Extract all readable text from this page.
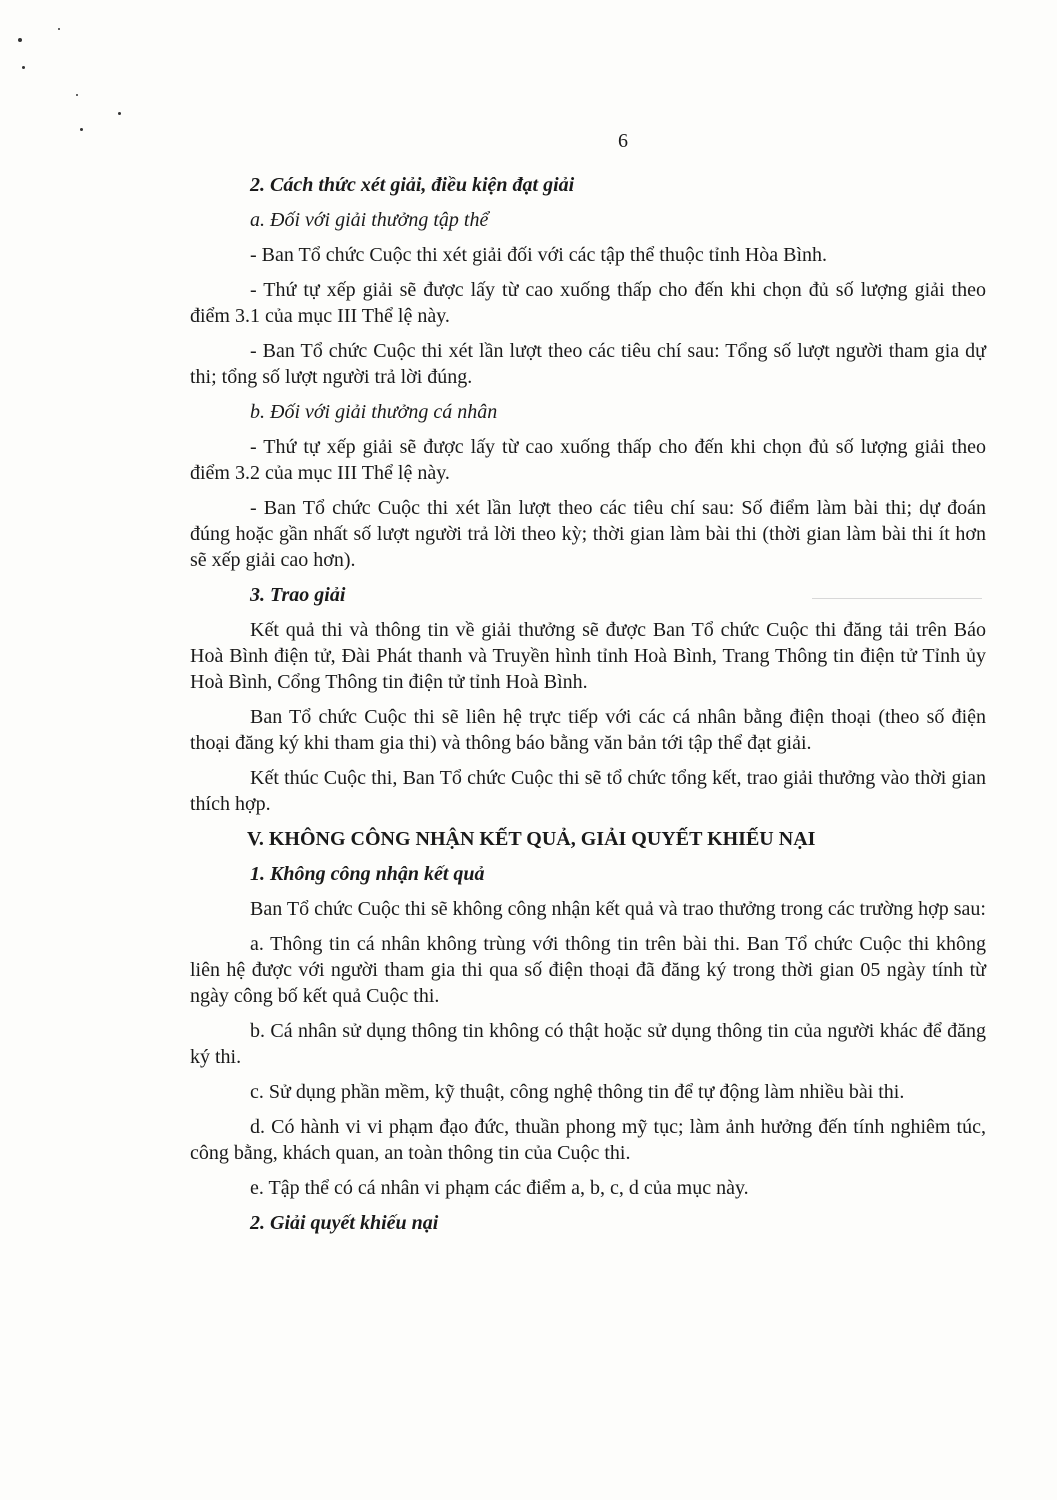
6
2. Cách thức xét giải, điều kiện đạt giải
a. Đối với giải thưởng tập thể

- Ban Tổ chức Cuộc thi xét giải đối với các tập thể thuộc tỉnh Hòa Bình.

- Thứ tự xếp giải sẽ được lấy từ cao xuống thấp cho đến khi chọn đủ số lượng giải theo điểm 3.1 của mục III Thể lệ này.

- Ban Tổ chức Cuộc thi xét lần lượt theo các tiêu chí sau: Tổng số lượt người tham gia dự thi; tổng số lượt người trả lời đúng.

b. Đối với giải thưởng cá nhân

- Thứ tự xếp giải sẽ được lấy từ cao xuống thấp cho đến khi chọn đủ số lượng giải theo điểm 3.2 của mục III Thể lệ này.

- Ban Tổ chức Cuộc thi xét lần lượt theo các tiêu chí sau: Số điểm làm bài thi; dự đoán đúng hoặc gần nhất số lượt người trả lời theo kỳ; thời gian làm bài thi (thời gian làm bài thi ít hơn sẽ xếp giải cao hơn).

3. Trao giải

Kết quả thi và thông tin về giải thưởng sẽ được Ban Tổ chức Cuộc thi đăng tải trên Báo Hoà Bình điện tử, Đài Phát thanh và Truyền hình tỉnh Hoà Bình, Trang Thông tin điện tử Tỉnh ủy Hoà Bình, Cổng Thông tin điện tử tỉnh Hoà Bình.

Ban Tổ chức Cuộc thi sẽ liên hệ trực tiếp với các cá nhân bằng điện thoại (theo số điện thoại đăng ký khi tham gia thi) và thông báo bằng văn bản tới tập thể đạt giải.

Kết thúc Cuộc thi, Ban Tổ chức Cuộc thi sẽ tổ chức tổng kết, trao giải thưởng vào thời gian thích hợp.

V. KHÔNG CÔNG NHẬN KẾT QUẢ, GIẢI QUYẾT KHIẾU NẠI
1. Không công nhận kết quả

Ban Tổ chức Cuộc thi sẽ không công nhận kết quả và trao thưởng trong các trường hợp sau:

a. Thông tin cá nhân không trùng với thông tin trên bài thi. Ban Tổ chức Cuộc thi không liên hệ được với người tham gia thi qua số điện thoại đã đăng ký trong thời gian 05 ngày tính từ ngày công bố kết quả Cuộc thi.

b. Cá nhân sử dụng thông tin không có thật hoặc sử dụng thông tin của người khác để đăng ký thi.

c. Sử dụng phần mềm, kỹ thuật, công nghệ thông tin để tự động làm nhiều bài thi.

d. Có hành vi vi phạm đạo đức, thuần phong mỹ tục; làm ảnh hưởng đến tính nghiêm túc, công bằng, khách quan, an toàn thông tin của Cuộc thi.

e. Tập thể có cá nhân vi phạm các điểm a, b, c, d của mục này.

2. Giải quyết khiếu nại
